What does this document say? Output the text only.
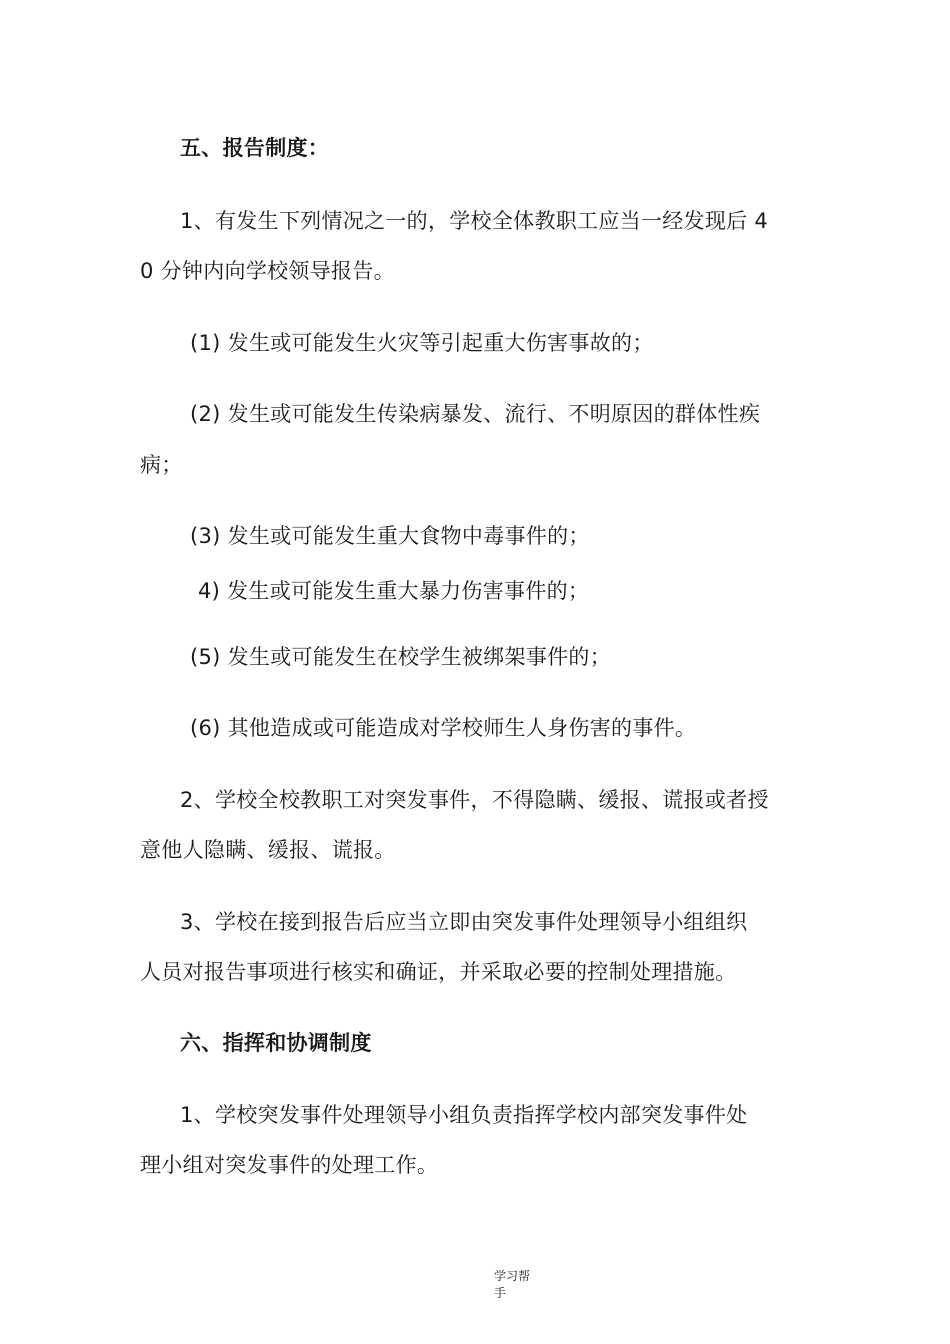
五、报告制度：
1、有发生下列情况之一的，学校全体教职工应当一经发现后 4
0 分钟内向学校领导报告。
(1) 发生或可能发生火灾等引起重大伤害事故的；
(2) 发生或可能发生传染病暴发、流行、不明原因的群体性疾
病；
(3) 发生或可能发生重大食物中毒事件的；
4) 发生或可能发生重大暴力伤害事件的；
(5) 发生或可能发生在校学生被绑架事件的；
(6) 其他造成或可能造成对学校师生人身伤害的事件。
2、学校全校教职工对突发事件，不得隐瞒、缓报、谎报或者授
意他人隐瞒、缓报、谎报。
3、学校在接到报告后应当立即由突发事件处理领导小组组织
人员对报告事项进行核实和确证，并采取必要的控制处理措施。
六、指挥和协调制度
1、学校突发事件处理领导小组负责指挥学校内部突发事件处
理小组对突发事件的处理工作。
学习帮
手
